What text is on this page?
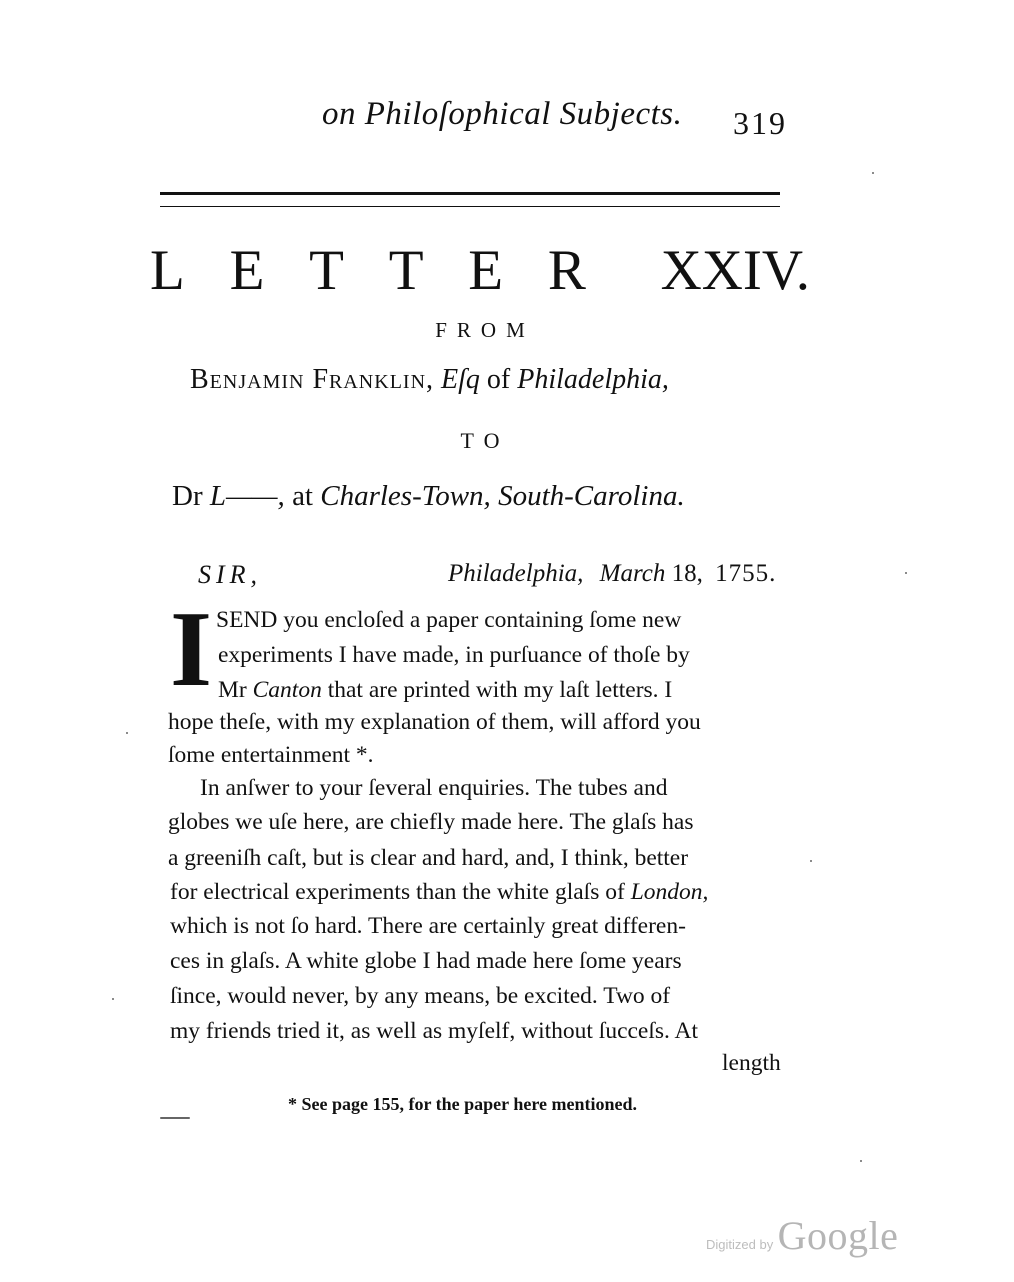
on Philoſophical Subjects. 319
L E T T E R XXIV.
FROM
Benjamin Franklin, Eſq of Philadelphia,
TO
Dr L——, at Charles-Town, South-Carolina.
SIR,	Philadelphia, March 18, 1755.
I SEND you encloſed a paper containing ſome new
experiments I have made, in purſuance of thoſe by
Mr Canton that are printed with my laſt letters. I
hope theſe, with my explanation of them, will afford you
ſome entertainment *.
In anſwer to your ſeveral enquiries. The tubes and
globes we uſe here, are chiefly made here. The glaſs has
a greeniſh caſt, but is clear and hard, and, I think, better
for electrical experiments than the white glaſs of London,
which is not ſo hard. There are certainly great differen-
ces in glaſs. A white globe I had made here ſome years
ſince, would never, by any means, be excited. Two of
my friends tried it, as well as myſelf, without ſucceſs. At
length
* See page 155, for the paper here mentioned.
Digitized by Google
